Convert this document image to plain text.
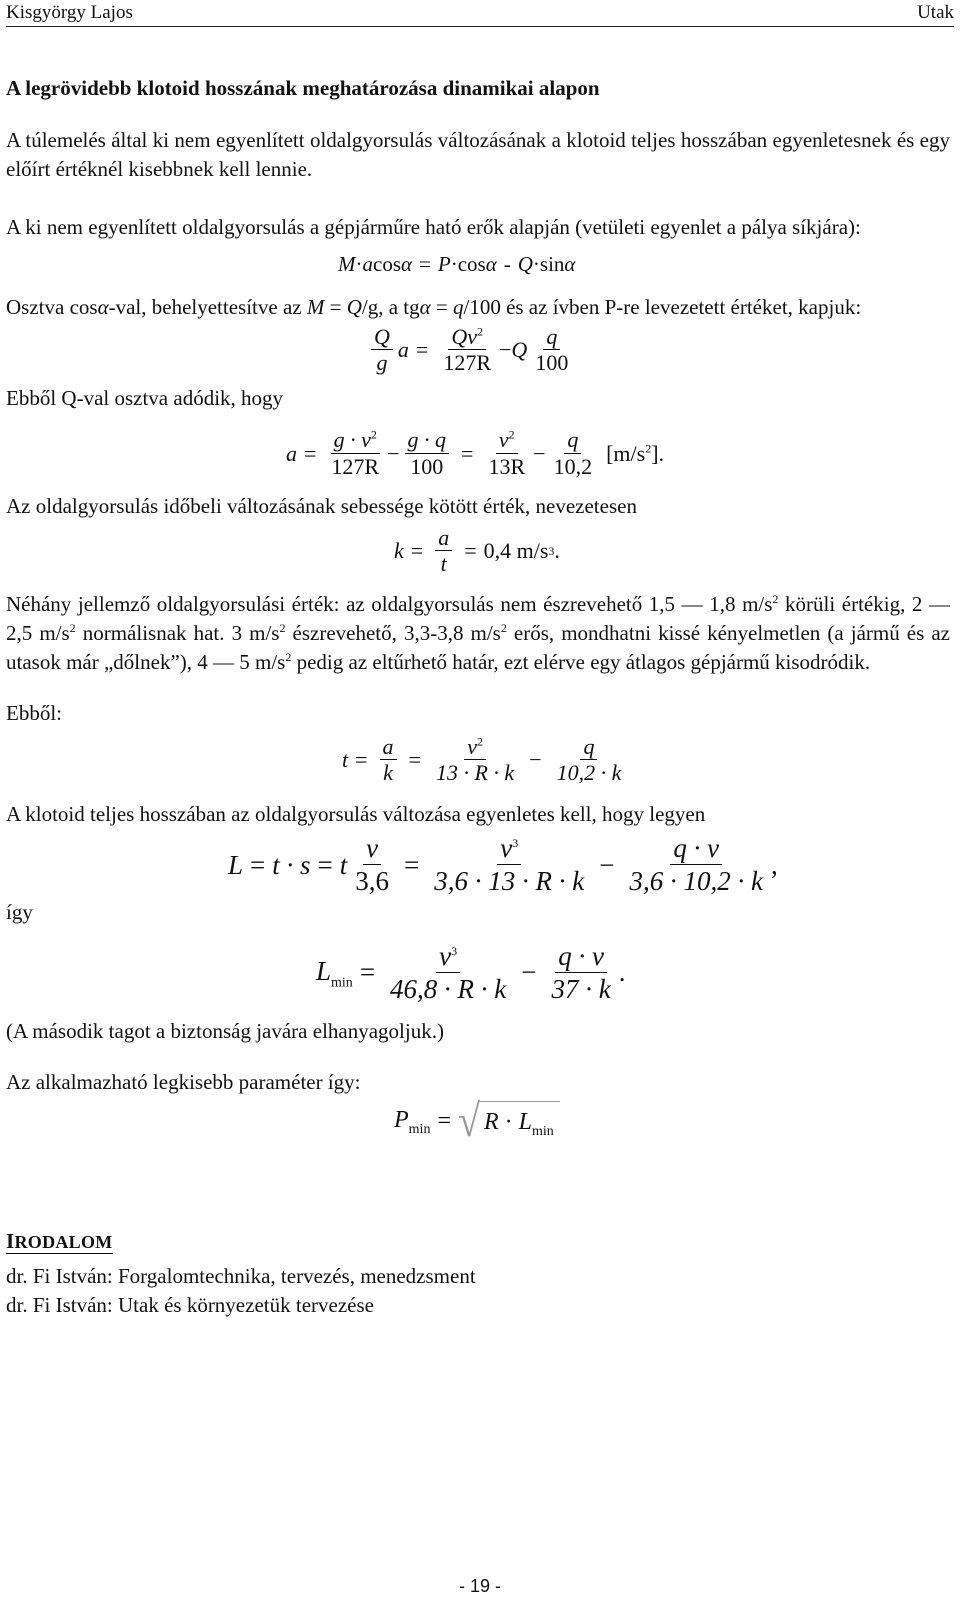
Kisgyörgy Lajos	Utak

A legrövidebb klotoid hosszának meghatározása dinamikai alapon

A túlemelés által ki nem egyenlített oldalgyorsulás változásának a klotoid teljes hosszában egyenletesnek és egy előírt értéknél kisebbnek kell lennie.

A ki nem egyenlített oldalgyorsulás a gépjárműre ható erők alapján (vetületi egyenlet a pálya síkjára):

M · a cos α = P · cos α - Q · sin α

Osztva cosα-val, behelyettesítve az M = Q/g, a tgα = q/100 és az ívben P-re levezetett értéket, kapjuk:

$\frac{Q}{g}$ $a = \frac{Qv^2}{127R} - Q \frac{q}{100}$

Ebből Q-val osztva adódik, hogy

$a = \frac{g \cdot v^2}{127R} - \frac{g \cdot q}{100} = \frac{v^2}{13R} - \frac{q}{10,2} [m/s^2]$.

Az oldalgyorsulás időbeli változásának sebessége kötött érték, nevezetesen

$k = \frac{a}{t} = 0,4$ m/s 3 .

Néhány jellemző oldalgyorsulási érték: az oldalgyorsulás nem észrevehető 1,5 — 1,8 $m/s^2$ körüli értékig, 2 — 2,5 $m/s^2$ normálisnak hat. 3 $m/s^2$ észrevehető, 3,3-3,8 $m/s^2$ erős, mondhatni kissé kényelmetlen (a jármű és az utasok már „dőlnek”), 4 — 5 $m/s^2$ pedig az eltűrhető határ, ezt elérve egy átlagos gépjármű kisodródik.

Ebből:

$t = \frac{a}{k} = \frac{v^2}{13 \cdot R \cdot k} - \frac{q}{10,2 \cdot k}$

A klotoid teljes hosszában az oldalgyorsulás változása egyenletes kell, hogy legyen

L = t · s = t $\frac{v}{3,6} = \frac{v^3}{3,6 \cdot 13 \cdot R \cdot k} - \frac{q \cdot v}{3,6 \cdot 10,2 \cdot k}$ ,

így

$L_{min} = \frac{v^3}{46,8 \cdot R \cdot k} - \frac{q \cdot v}{37 \cdot k}$ .

(A második tagot a biztonság javára elhanyagoljuk.)

Az alkalmazható legkisebb paraméter így:

$P_{min}$ = √ $R \cdot L_{min}$
IRODALOM

dr. Fi István: Forgalomtechnika, tervezés, menedzsment

dr. Fi István: Utak és környezetük tervezése

- 19 -
